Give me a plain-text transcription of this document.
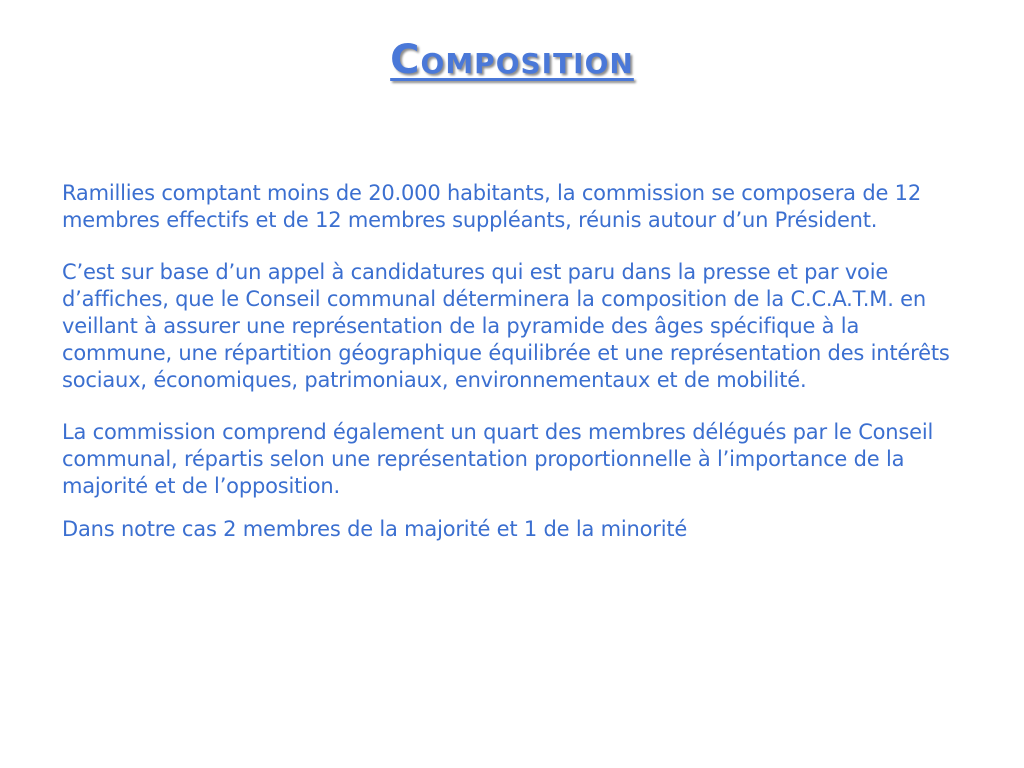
Composition

Ramillies comptant moins de 20.000 habitants, la commission se composera de 12 membres effectifs et de 12 membres suppléants, réunis autour d’un Président.

C’est sur base d’un appel à candidatures qui est paru dans la presse et par voie d’affiches, que le Conseil communal déterminera la composition de la C.C.A.T.M. en veillant à assurer une représentation de la pyramide des âges spécifique à la commune, une répartition géographique équilibrée et une représentation des intérêts sociaux, économiques, patrimoniaux, environnementaux et de mobilité.

La commission comprend également un quart des membres délégués par le Conseil communal, répartis selon une représentation proportionnelle à l’importance de la majorité et de l’opposition.

Dans notre cas 2 membres de la majorité et 1 de la minorité
